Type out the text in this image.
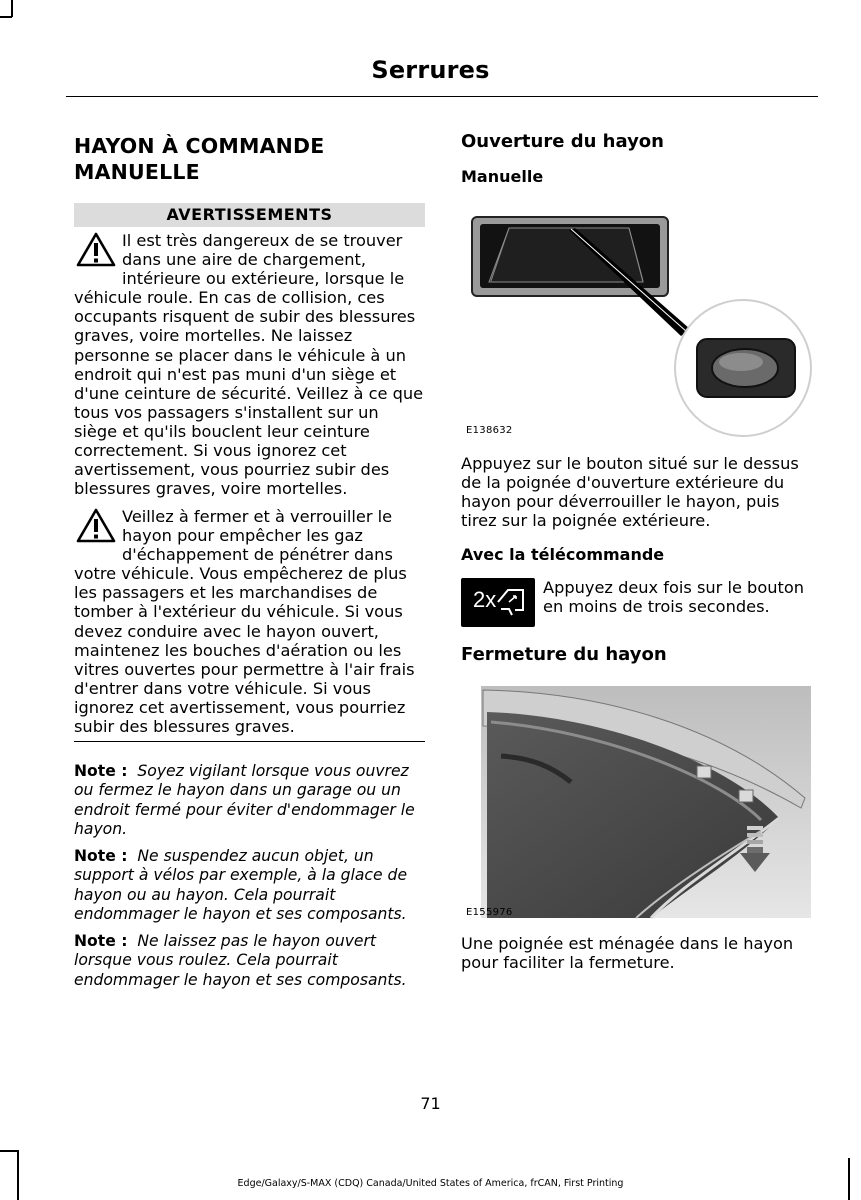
Serrures
HAYON À COMMANDE MANUELLE
AVERTISSEMENTS
Il est très dangereux de se trouver
dans une aire de chargement,
intérieure ou extérieure, lorsque le
véhicule roule. En cas de collision, ces occupants risquent de subir des blessures graves, voire mortelles. Ne laissez personne se placer dans le véhicule à un endroit qui n'est pas muni d'un siège et d'une ceinture de sécurité. Veillez à ce que tous vos passagers s'installent sur un siège et qu'ils bouclent leur ceinture correctement. Si vous ignorez cet avertissement, vous pourriez subir des blessures graves, voire mortelles.
Veillez à fermer et à verrouiller le
hayon pour empêcher les gaz
d'échappement de pénétrer dans
votre véhicule. Vous empêcherez de plus les passagers et les marchandises de tomber à l'extérieur du véhicule. Si vous devez conduire avec le hayon ouvert, maintenez les bouches d'aération ou les vitres ouvertes pour permettre à l'air frais d'entrer dans votre véhicule. Si vous ignorez cet avertissement, vous pourriez subir des blessures graves.
Note : Soyez vigilant lorsque vous ouvrez ou fermez le hayon dans un garage ou un endroit fermé pour éviter d'endommager le hayon.
Note : Ne suspendez aucun objet, un support à vélos par exemple, à la glace de hayon ou au hayon. Cela pourrait endommager le hayon et ses composants.
Note : Ne laissez pas le hayon ouvert lorsque vous roulez. Cela pourrait endommager le hayon et ses composants.
Ouverture du hayon
Manuelle
E138632
Appuyez sur le bouton situé sur le dessus de la poignée d'ouverture extérieure du hayon pour déverrouiller le hayon, puis tirez sur la poignée extérieure.
Avec la télécommande
2x	Appuyez deux fois sur le bouton en moins de trois secondes.
Fermeture du hayon
E155976
Une poignée est ménagée dans le hayon pour faciliter la fermeture.
71
Edge/Galaxy/S-MAX (CDQ) Canada/United States of America, frCAN, First Printing
